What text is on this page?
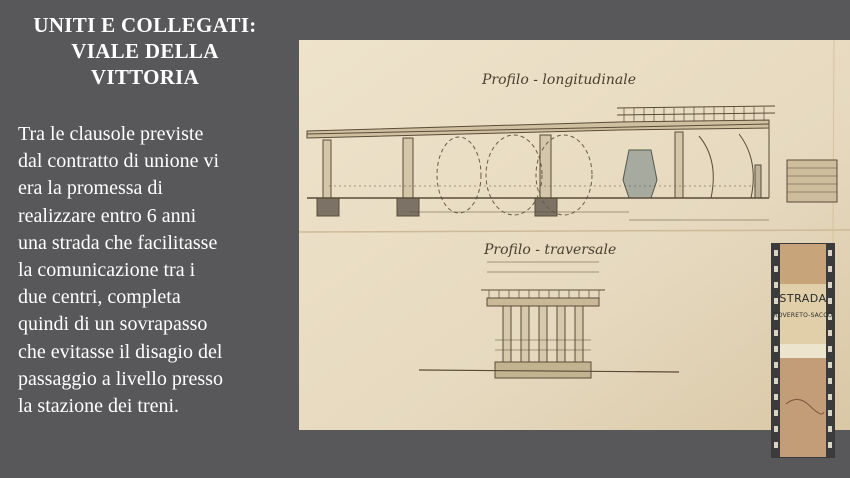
UNITI E COLLEGATI:
VIALE DELLA
VITTORIA
Tra le clausole previste
dal contratto di unione vi
era la promessa di
realizzare entro 6 anni
una strada che facilitasse
la comunicazione tra i
due centri, completa
quindi di un sovrapasso
che evitasse il disagio del
passaggio a livello presso
la stazione dei treni.
Profilo - longitudinale
Profilo - traversale
STRADA
ROVERETO-SACCO
